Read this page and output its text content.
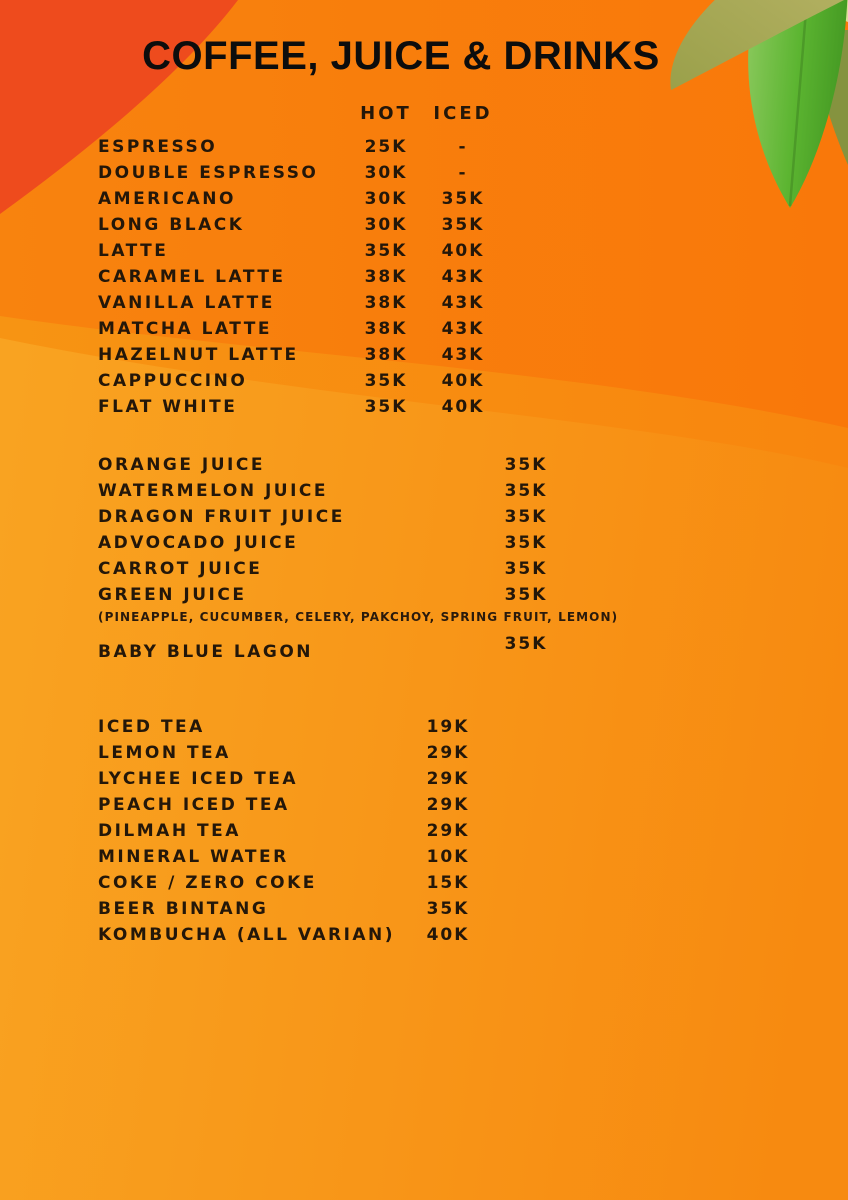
COFFEE, JUICE & DRINKS
HOT	ICED
ESPRESSO	25K	-
DOUBLE ESPRESSO	30K	-
AMERICANO	30K	35K
LONG BLACK	30K	35K
LATTE	35K	40K
CARAMEL LATTE	38K	43K
VANILLA LATTE	38K	43K
MATCHA LATTE	38K	43K
HAZELNUT LATTE	38K	43K
CAPPUCCINO	35K	40K
FLAT WHITE	35K	40K
ORANGE JUICE	35K
WATERMELON JUICE	35K
DRAGON FRUIT JUICE	35K
ADVOCADO JUICE	35K
CARROT JUICE	35K
GREEN JUICE	35K
(PINEAPPLE, CUCUMBER, CELERY, PAKCHOY, SPRING FRUIT, LEMON)
BABY BLUE LAGON	35K
ICED TEA	19K
LEMON TEA	29K
LYCHEE ICED TEA	29K
PEACH ICED TEA	29K
DILMAH TEA	29K
MINERAL WATER	10K
COKE / ZERO COKE	15K
BEER BINTANG	35K
KOMBUCHA (ALL VARIAN)	40K
